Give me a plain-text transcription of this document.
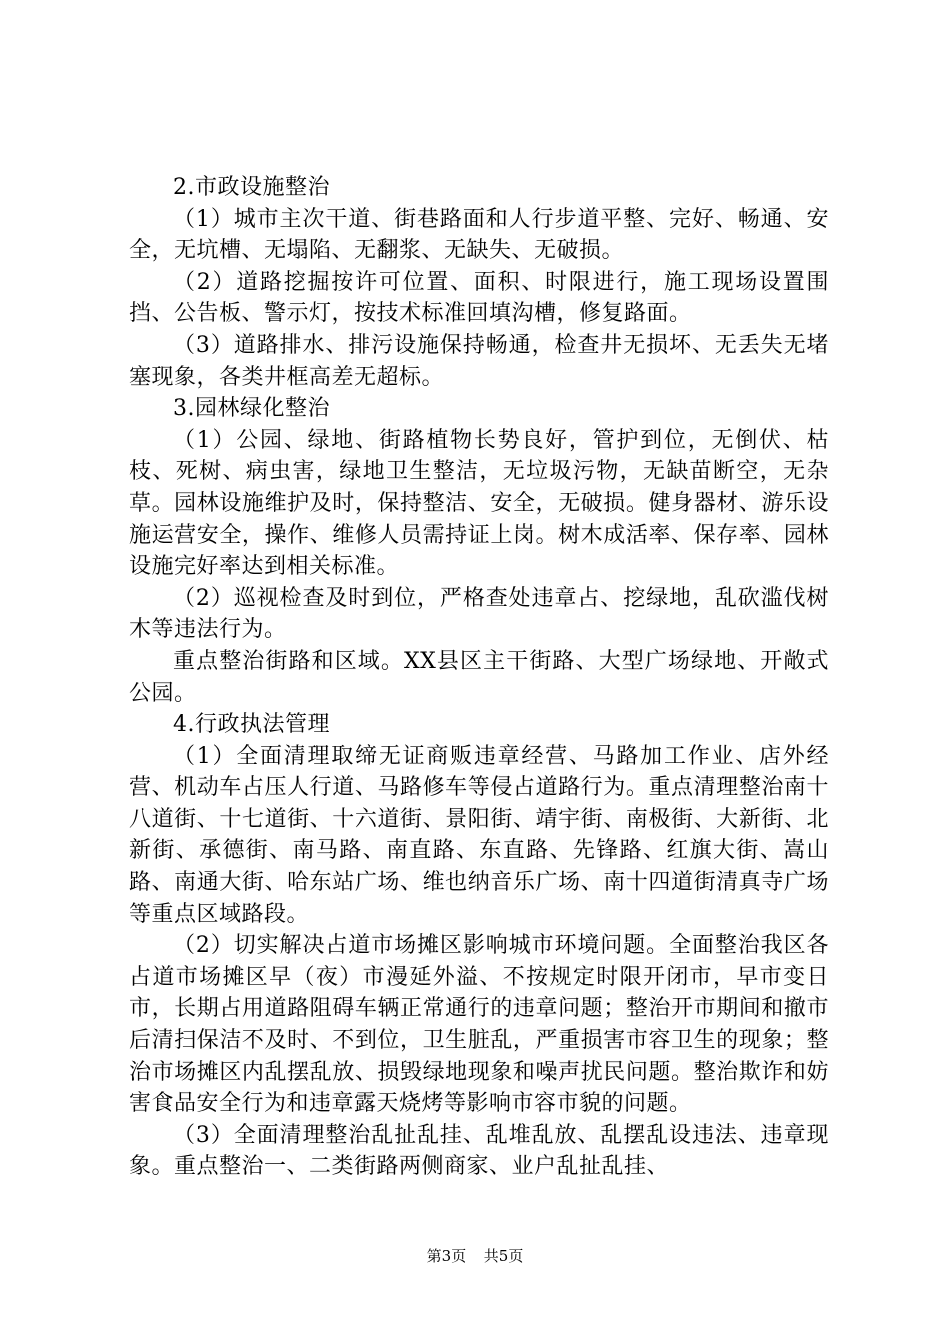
2.市政设施整治

（1）城市主次干道、街巷路面和人行步道平整、完好、畅通、安全，无坑槽、无塌陷、无翻浆、无缺失、无破损。

（2）道路挖掘按许可位置、面积、时限进行，施工现场设置围挡、公告板、警示灯，按技术标准回填沟槽，修复路面。

（3）道路排水、排污设施保持畅通，检查井无损坏、无丢失无堵塞现象，各类井框高差无超标。

3.园林绿化整治

（1）公园、绿地、街路植物长势良好，管护到位，无倒伏、枯枝、死树、病虫害，绿地卫生整洁，无垃圾污物，无缺苗断空，无杂草。园林设施维护及时，保持整洁、安全，无破损。健身器材、游乐设施运营安全，操作、维修人员需持证上岗。树木成活率、保存率、园林设施完好率达到相关标准。

（2）巡视检查及时到位，严格查处违章占、挖绿地，乱砍滥伐树木等违法行为。

重点整治街路和区域。XX县区主干街路、大型广场绿地、开敞式公园。

4.行政执法管理

（1）全面清理取缔无证商贩违章经营、马路加工作业、店外经营、机动车占压人行道、马路修车等侵占道路行为。重点清理整治南十八道街、十七道街、十六道街、景阳街、靖宇街、南极街、大新街、北新街、承德街、南马路、南直路、东直路、先锋路、红旗大街、嵩山路、南通大街、哈东站广场、维也纳音乐广场、南十四道街清真寺广场等重点区域路段。

（2）切实解决占道市场摊区影响城市环境问题。全面整治我区各占道市场摊区早（夜）市漫延外溢、不按规定时限开闭市，早市变日市，长期占用道路阻碍车辆正常通行的违章问题；整治开市期间和撤市后清扫保洁不及时、不到位，卫生脏乱，严重损害市容卫生的现象；整治市场摊区内乱摆乱放、损毁绿地现象和噪声扰民问题。整治欺诈和妨害食品安全行为和违章露天烧烤等影响市容市貌的问题。

（3）全面清理整治乱扯乱挂、乱堆乱放、乱摆乱设违法、违章现象。重点整治一、二类街路两侧商家、业户乱扯乱挂、

第3页 共5页
